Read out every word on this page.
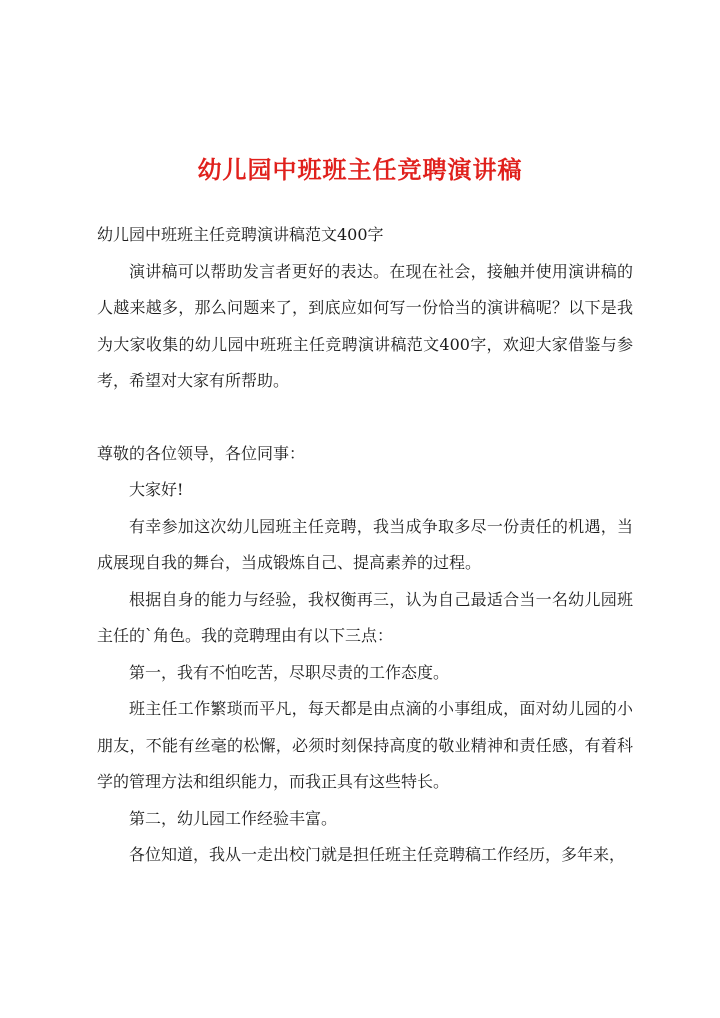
幼儿园中班班主任竞聘演讲稿

幼儿园中班班主任竞聘演讲稿范文400字

演讲稿可以帮助发言者更好的表达。在现在社会，接触并使用演讲稿的人越来越多，那么问题来了，到底应如何写一份恰当的演讲稿呢？以下是我为大家收集的幼儿园中班班主任竞聘演讲稿范文400字，欢迎大家借鉴与参考，希望对大家有所帮助。

尊敬的各位领导，各位同事：

大家好!

有幸参加这次幼儿园班主任竞聘，我当成争取多尽一份责任的机遇，当成展现自我的舞台，当成锻炼自己、提高素养的过程。

根据自身的能力与经验，我权衡再三，认为自己最适合当一名幼儿园班主任的`角色。我的竞聘理由有以下三点：

第一，我有不怕吃苦，尽职尽责的工作态度。

班主任工作繁琐而平凡，每天都是由点滴的小事组成，面对幼儿园的小朋友，不能有丝毫的松懈，必须时刻保持高度的敬业精神和责任感，有着科学的管理方法和组织能力，而我正具有这些特长。

第二，幼儿园工作经验丰富。

各位知道，我从一走出校门就是担任班主任竞聘稿工作经历，多年来，
